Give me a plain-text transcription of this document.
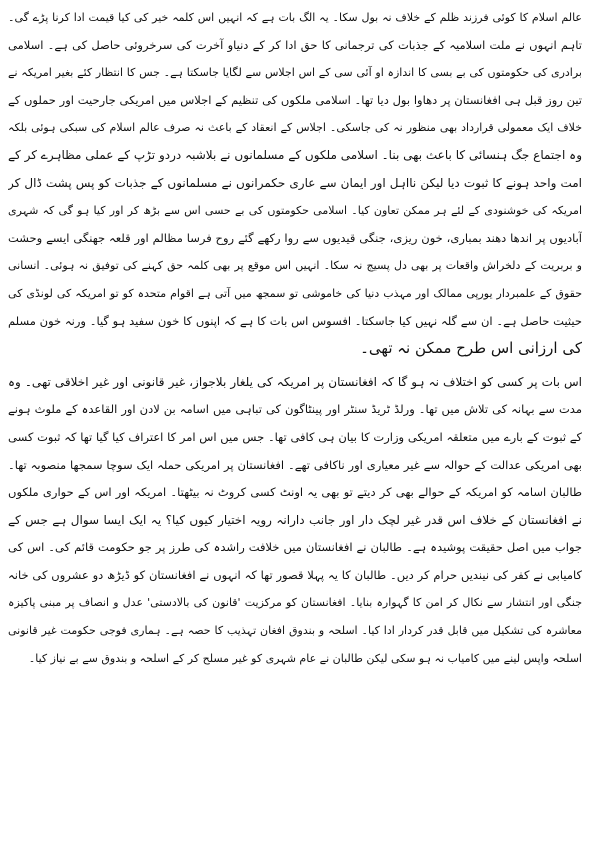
عالم اسلام کا کوئی فرزند ظلم کے خلاف نہ بول سکا۔ یہ الگ بات ہے کہ انہیں اس کلمہ خیر کی کیا قیمت ادا کرنا پڑے گی۔
تاہم انہوں نے ملت اسلامیہ کے جذبات کی ترجمانی کا حق ادا کر کے دنیاو آخرت کی سرخروئی حاصل کی ہے۔ اسلامی
برادری کی حکومتوں کی بے بسی کا اندازہ او آئی سی کے اس اجلاس سے لگایا جاسکتا ہے۔ جس کا انتظار کئے بغیر امریکہ نے
تین روز قبل ہی افغانستان پر دھاوا بول دیا تھا۔ اسلامی ملکوں کی تنظیم کے اجلاس میں امریکی جارحیت اور حملوں کے
خلاف ایک معمولی قرارداد بھی منظور نہ کی جاسکی۔ اجلاس کے انعقاد کے باعث نہ صرف عالم اسلام کی سبکی ہوئی بلکہ
وہ اجتماع جگ ہنسائی کا باعث بھی بنا۔ اسلامی ملکوں کے مسلمانوں نے بلاشبہ دردو تڑپ کے عملی مظاہرے کر کے
امت واحد ہونے کا ثبوت دیا لیکن نااہل اور ایمان سے عاری حکمرانوں نے مسلمانوں کے جذبات کو پس پشت ڈال کر
امریکہ کی خوشنودی کے لئے ہر ممکن تعاون کیا۔ اسلامی حکومتوں کی بے حسی اس سے بڑھ کر اور کیا ہو گی کہ شہری
آبادیوں پر اندھا دھند بمباری، خون ریزی، جنگی قیدیوں سے روا رکھے گئے روح فرسا مظالم اور قلعہ جھنگی ایسے وحشت
و بربریت کے دلخراش واقعات پر بھی دل پسیج نہ سکا۔ انہیں اس موقع پر بھی کلمہ حق کہنے کی توفیق نہ ہوئی۔ انسانی
حقوق کے علمبردار یورپی ممالک اور مہذب دنیا کی خاموشی تو سمجھ میں آتی ہے اقوام متحدہ کو تو امریکہ کی لونڈی کی
حیثیت حاصل ہے۔ ان سے گلہ نہیں کیا جاسکتا۔ افسوس اس بات کا ہے کہ اپنوں کا خون سفید ہو گیا۔ ورنہ خون مسلم
کی ارزانی اس طرح ممکن نہ تھی۔
اس بات پر کسی کو اختلاف نہ ہو گا کہ افغانستان پر امریکہ کی یلغار بلاجواز، غیر قانونی اور غیر اخلاقی تھی۔ وہ
مدت سے بہانہ کی تلاش میں تھا۔ ورلڈ ٹریڈ سنٹر اور پینٹاگون کی تباہی میں اسامہ بن لادن اور القاعدہ کے ملوث ہونے
کے ثبوت کے بارے میں متعلقہ امریکی وزارت کا بیان ہی کافی تھا۔ جس میں اس امر کا اعتراف کیا گیا تھا کہ ثبوت کسی
بھی امریکی عدالت کے حوالہ سے غیر معیاری اور ناکافی تھے۔ افغانستان پر امریکی حملہ ایک سوچا سمجھا منصوبہ تھا۔
طالبان اسامہ کو امریکہ کے حوالے بھی کر دیتے تو بھی یہ اونٹ کسی کروٹ نہ بیٹھتا۔ امریکہ اور اس کے حواری ملکوں
نے افغانستان کے خلاف اس قدر غیر لچک دار اور جانب دارانہ رویہ اختیار کیوں کیا؟ یہ ایک ایسا سوال ہے جس کے
جواب میں اصل حقیقت پوشیدہ ہے۔ طالبان نے افغانستان میں خلافت راشدہ کی طرز پر جو حکومت قائم کی۔ اس کی
کامیابی نے کفر کی نیندیں حرام کر دیں۔ طالبان کا یہ پہلا قصور تھا کہ انہوں نے افغانستان کو ڈیڑھ دو عشروں کی خانہ
جنگی اور انتشار سے نکال کر امن کا گہوارہ بنایا۔ افغانستان کو مرکزیت 'قانون کی بالادستی' عدل و انصاف پر مبنی پاکیزہ
معاشرہ کی تشکیل میں قابل قدر کردار ادا کیا۔ اسلحہ و بندوق افغان تہذیب کا حصہ ہے۔ ہماری فوجی حکومت غیر قانونی
اسلحہ واپس لینے میں کامیاب نہ ہو سکی لیکن طالبان نے عام شہری کو غیر مسلح کر کے اسلحہ و بندوق سے بے نیاز کیا۔
